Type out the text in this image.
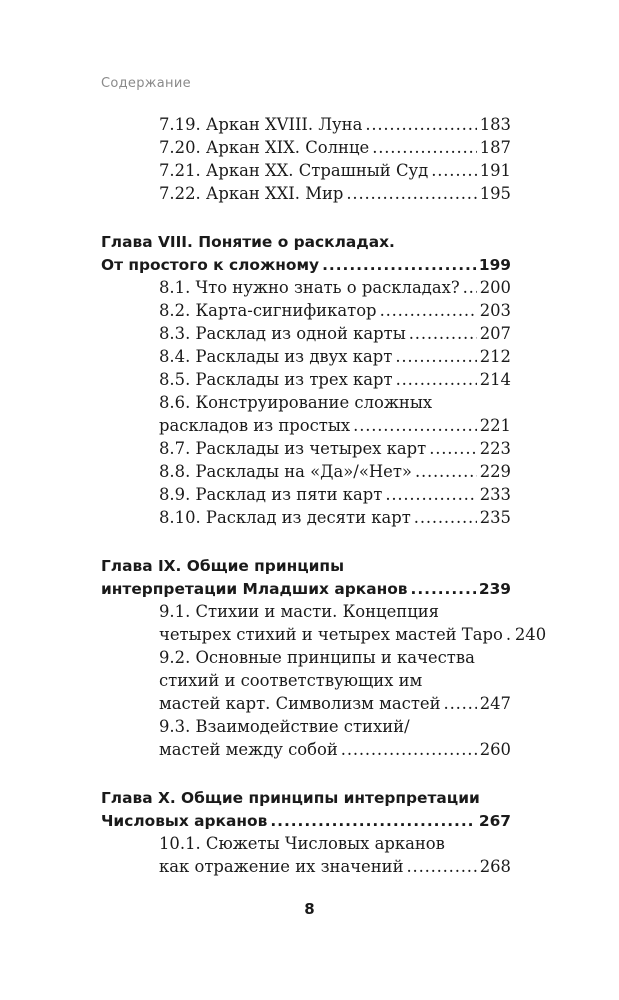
Содержание
7.19. Аркан XVIII. Луна . . .	183
7.20. Аркан XIX. Солнце . . .	187
7.21. Аркан XX. Страшный Суд . . .	191
7.22. Аркан XXI. Мир . . .	195
Глава VIII. Понятие о раскладах.
От простого к сложному . . .	199
8.1. Что нужно знать о раскладах? . . . 200
8.2. Карта-сигнификатор . . .	203
8.3. Расклад из одной карты . . .	207
8.4. Расклады из двух карт . . .	212
8.5. Расклады из трех карт . . .	214
8.6. Конструирование сложных
раскладов из простых . . .	221
8.7. Расклады из четырех карт . . .	223
8.8. Расклады на «Да»/«Нет» . . .	229
8.9. Расклад из пяти карт . . .	233
8.10. Расклад из десяти карт . . .	235
Глава IX. Общие принципы
интерпретации Младших арканов . . .	239
9.1. Стихии и масти. Концепция
четырех стихий и четырех мастей Таро . . . 240
9.2. Основные принципы и качества
стихий и соответствующих им
мастей карт. Символизм мастей . . . 247
9.3. Взаимодействие стихий/
мастей между собой . . .	260
Глава X. Общие принципы интерпретации
Числовых арканов . . .	267
10.1. Сюжеты Числовых арканов
как отражение их значений . . .	268
8
